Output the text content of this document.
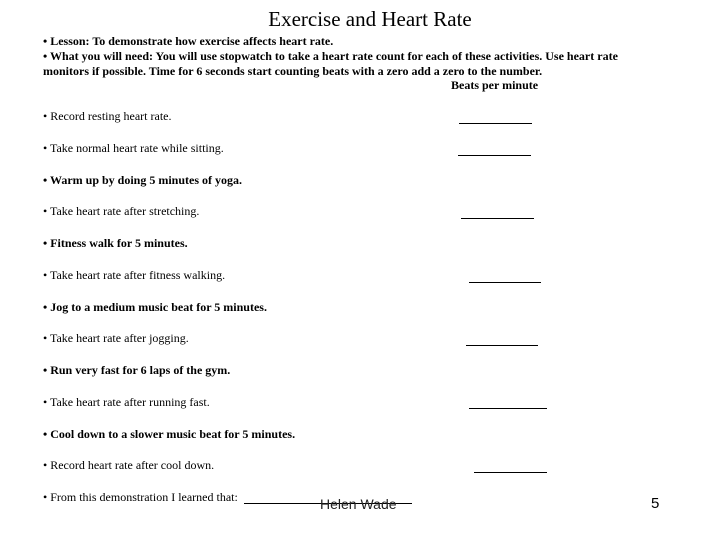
Exercise and Heart Rate
• Lesson: To demonstrate how exercise affects heart rate.
• What you will need: You will use stopwatch to take a heart rate count for each of these activities. Use heart rate monitors if possible. Time for 6 seconds start counting beats with a zero add a zero to the number.
Beats per minute
• Record resting heart rate.
• Take normal heart rate while sitting.
• Warm up by doing 5 minutes of yoga.
• Take heart rate after stretching.
• Fitness walk for 5 minutes.
• Take heart rate after fitness walking.
• Jog to a medium music beat for 5 minutes.
• Take heart rate after jogging.
• Run very fast for 6 laps of the gym.
• Take heart rate after running fast.
• Cool down to a slower music beat for 5 minutes.
• Record heart rate after cool down.
• From this demonstration I learned that:	Helen Wade	5
